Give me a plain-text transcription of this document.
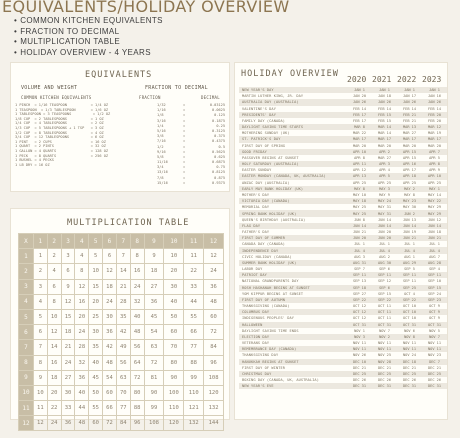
EQUIVALENTS/HOLIDAY OVERVIEW
• COMMON KITCHEN EQUIVALENTS
• FRACTION TO DECIMAL
• MULTIPLICATION TABLE
• HOLIDAY OVERVIEW - 4 YEARS
EQUIVALENTS
VOLUME AND WEIGHT
COMMON KITCHEN EQUIVALENTS
1 PINCH  = 1/16 TEASPOON           = 1/4 OZ
1 TEASPOON  = 1/3 TABLESPOON       = 1/6 OZ
1 TABLESPOON = 3 TEASPOONS          = 1/2 OZ
1/8 CUP  = 2 TABLESPOONS           = 1 OZ
1/4 CUP  = 4 TABLESPOONS           = 2 OZ
1/3 CUP  = 5 TABLESPOONS + 1 TSP   = 3 OZ
1/2 CUP  = 8 TABLESPOONS           = 4 OZ
3/4 CUP  = 12 TABLESPOONS          = 6 OZ
1 PINT   = 2 CUPS                  = 16 OZ
1 QUART  = 2 PINTS                 = 32 OZ
1 GALLON = 4 QUARTS                = 128 OZ
1 PECK   = 8 QUARTS                = 256 OZ
1 BUSHEL = 4 PECKS
1 LB DRY = 16 OZ
FRACTION TO DECIMAL
FRACTION	DECIMAL
1/32	=	0.03125
1/16	=	0.0625
1/8	=	0.125
3/16	=	0.1875
1/4	=	0.25
5/16	=	0.3125
3/8	=	0.375
7/16	=	0.4375
1/2	=	0.5
9/16	=	0.5625
5/8	=	0.625
11/16	=	0.6875
3/4	=	0.75
13/16	=	0.8125
7/8	=	0.875
15/16	=	0.9375
MULTIPLICATION TABLE
X	1	2	3	4	5	6	7	8	9	10	11	12
1	1	2	3	4	5	6	7	8	9	10	11	12
2	2	4	6	8	10	12	14	16	18	20	22	24
3	3	6	9	12	15	18	21	24	27	30	33	36
4	4	8	12	16	20	24	28	32	36	40	44	48
5	5	10	15	20	25	30	35	40	45	50	55	60
6	6	12	18	24	30	36	42	48	54	60	66	72
7	7	14	21	28	35	42	49	56	63	70	77	84
8	8	16	24	32	40	48	56	64	72	80	88	96
9	9	18	27	36	45	54	63	72	81	90	99	108
10	10	20	30	40	50	60	70	80	90	100	110	120
11	11	22	33	44	55	66	77	88	99	110	121	132
12	12	24	36	48	60	72	84	96	108	120	132	144
HOLIDAY OVERVIEW
2020 2021 2022 2023
NEW YEAR'S DAY	JAN 1	JAN 1	JAN 1	JAN 1
MARTIN LUTHER KING, JR. DAY	JAN 20	JAN 18	JAN 17	JAN 16
AUSTRALIA DAY (AUSTRALIA)	JAN 26	JAN 26	JAN 26	JAN 26
VALENTINE'S DAY	FEB 14	FEB 14	FEB 14	FEB 14
PRESIDENTS' DAY	FEB 17	FEB 15	FEB 21	FEB 20
FAMILY DAY (CANADA)	FEB 17	FEB 15	FEB 21	FEB 20
DAYLIGHT SAVING TIME STARTS	MAR 8	MAR 14	MAR 13	MAR 12
MOTHERING SUNDAY (UK)	MAR 22	MAR 14	MAR 27	MAR 19
ST. PATRICK'S DAY	MAR 17	MAR 17	MAR 17	MAR 17
FIRST DAY OF SPRING	MAR 20	MAR 20	MAR 20	MAR 20
GOOD FRIDAY	APR 10	APR 2	APR 15	APR 7
PASSOVER BEGINS AT SUNSET	APR 8	MAR 27	APR 15	APR 5
HOLY SATURDAY (AUSTRALIA)	APR 11	APR 3	APR 16	APR 8
EASTER SUNDAY	APR 12	APR 4	APR 17	APR 9
EASTER MONDAY (CANADA, UK, AUSTRALIA)	APR 13	APR 5	APR 18	APR 10
ANZAC DAY (AUSTRALIA)	APR 25	APR 25	APR 25	APR 25
EARLY MAY BANK HOLIDAY (UK)	MAY 8	MAY 3	MAY 2	MAY 1
MOTHER'S DAY	MAY 10	MAY 9	MAY 8	MAY 14
VICTORIA DAY (CANADA)	MAY 18	MAY 24	MAY 23	MAY 22
MEMORIAL DAY	MAY 25	MAY 31	MAY 30	MAY 29
SPRING BANK HOLIDAY (UK)	MAY 25	MAY 31	JUN 2	MAY 29
QUEEN'S BIRTHDAY (AUSTRALIA)	JUN 8	JUN 14	JUN 13	JUN 12
FLAG DAY	JUN 14	JUN 14	JUN 14	JUN 14
FATHER'S DAY	JUN 21	JUN 20	JUN 19	JUN 18
FIRST DAY OF SUMMER	JUN 20	JUN 20	JUN 21	JUN 21
CANADA DAY (CANADA)	JUL 1	JUL 1	JUL 1	JUL 1
INDEPENDENCE DAY	JUL 4	JUL 4	JUL 4	JUL 4
CIVIC HOLIDAY (CANADA)	AUG 3	AUG 2	AUG 1	AUG 7
SUMMER BANK HOLIDAY (UK)	AUG 31	AUG 30	AUG 29	AUG 28
LABOR DAY	SEP 7	SEP 6	SEP 5	SEP 4
PATRIOT DAY	SEP 11	SEP 11	SEP 11	SEP 11
NATIONAL GRANDPARENTS DAY	SEP 13	SEP 12	SEP 11	SEP 10
ROSH HASHANAH BEGINS AT SUNSET	SEP 18	SEP 6	SEP 25	SEP 15
YOM KIPPUR BEGINS AT SUNSET	SEP 27	SEP 15	OCT 4	SEP 24
FIRST DAY OF AUTUMN	SEP 22	SEP 22	SEP 22	SEP 23
THANKSGIVING (CANADA)	OCT 12	OCT 11	OCT 10	OCT 9
COLUMBUS DAY	OCT 12	OCT 11	OCT 10	OCT 9
INDIGENOUS PEOPLES' DAY	OCT 12	OCT 11	OCT 10	OCT 9
HALLOWEEN	OCT 31	OCT 31	OCT 31	OCT 31
DAYLIGHT SAVING TIME ENDS	NOV 1	NOV 7	NOV 6	NOV 5
ELECTION DAY	NOV 3	NOV 2	NOV 8	NOV 7
VETERANS DAY	NOV 11	NOV 11	NOV 11	NOV 11
REMEMBRANCE DAY (CANADA)	NOV 11	NOV 11	NOV 11	NOV 11
THANKSGIVING DAY	NOV 26	NOV 25	NOV 24	NOV 23
HANUKKAH BEGINS AT SUNSET	DEC 10	NOV 28	DEC 18	DEC 7
FIRST DAY OF WINTER	DEC 21	DEC 21	DEC 21	DEC 21
CHRISTMAS DAY	DEC 25	DEC 25	DEC 25	DEC 25
BOXING DAY (CANADA, UK, AUSTRALIA)	DEC 26	DEC 26	DEC 26	DEC 26
NEW YEAR'S EVE	DEC 31	DEC 31	DEC 31	DEC 31
